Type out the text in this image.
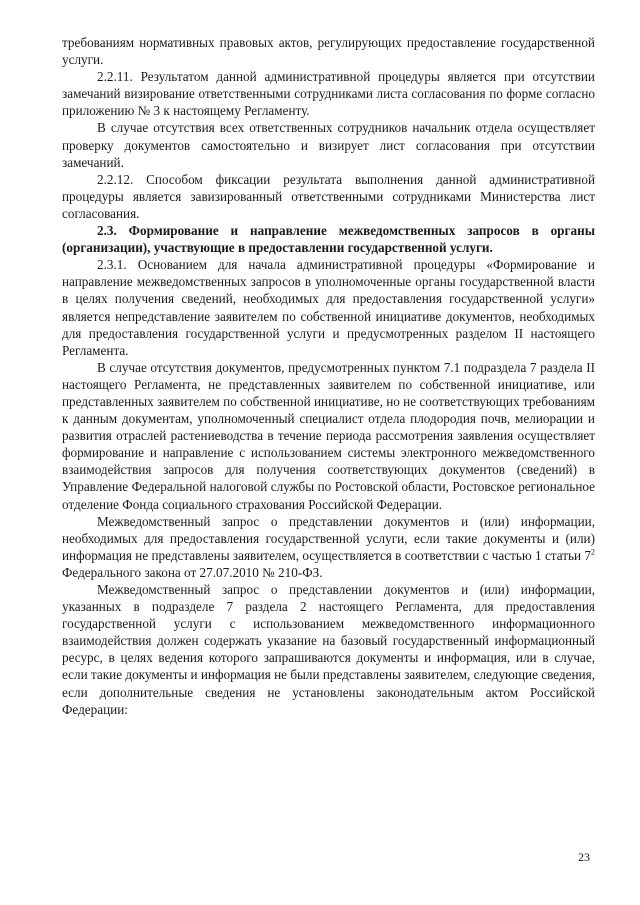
требованиям нормативных правовых актов, регулирующих предоставление государственной услуги.

2.2.11. Результатом данной административной процедуры является при отсутствии замечаний визирование ответственными сотрудниками листа согласования по форме согласно приложению № 3 к настоящему Регламенту.

В случае отсутствия всех ответственных сотрудников начальник отдела осуществляет проверку документов самостоятельно и визирует лист согласования при отсутствии замечаний.

2.2.12. Способом фиксации результата выполнения данной административной процедуры является завизированный ответственными сотрудниками Министерства лист согласования.

2.3. Формирование и направление межведомственных запросов в органы (организации), участвующие в предоставлении государственной услуги.

2.3.1. Основанием для начала административной процедуры «Формирование и направление межведомственных запросов в уполномоченные органы государственной власти в целях получения сведений, необходимых для предоставления государственной услуги» является непредставление заявителем по собственной инициативе документов, необходимых для предоставления государственной услуги и предусмотренных разделом II настоящего Регламента.

В случае отсутствия документов, предусмотренных пунктом 7.1 подраздела 7 раздела II настоящего Регламента, не представленных заявителем по собственной инициативе, или представленных заявителем по собственной инициативе, но не соответствующих требованиям к данным документам, уполномоченный специалист отдела плодородия почв, мелиорации и развития отраслей растениеводства в течение периода рассмотрения заявления осуществляет формирование и направление с использованием системы электронного межведомственного взаимодействия запросов для получения соответствующих документов (сведений) в Управление Федеральной налоговой службы по Ростовской области, Ростовское региональное отделение Фонда социального страхования Российской Федерации.

Межведомственный запрос о представлении документов и (или) информации, необходимых для предоставления государственной услуги, если такие документы и (или) информация не представлены заявителем, осуществляется в соответствии с частью 1 статьи $7^2$ Федерального закона от 27.07.2010 № 210-ФЗ.

Межведомственный запрос о представлении документов и (или) информации, указанных в подразделе 7 раздела 2 настоящего Регламента, для предоставления государственной услуги с использованием межведомственного информационного взаимодействия должен содержать указание на базовый государственный информационный ресурс, в целях ведения которого запрашиваются документы и информация, или в случае, если такие документы и информация не были представлены заявителем, следующие сведения, если дополнительные сведения не установлены законодательным актом Российской Федерации:

23
